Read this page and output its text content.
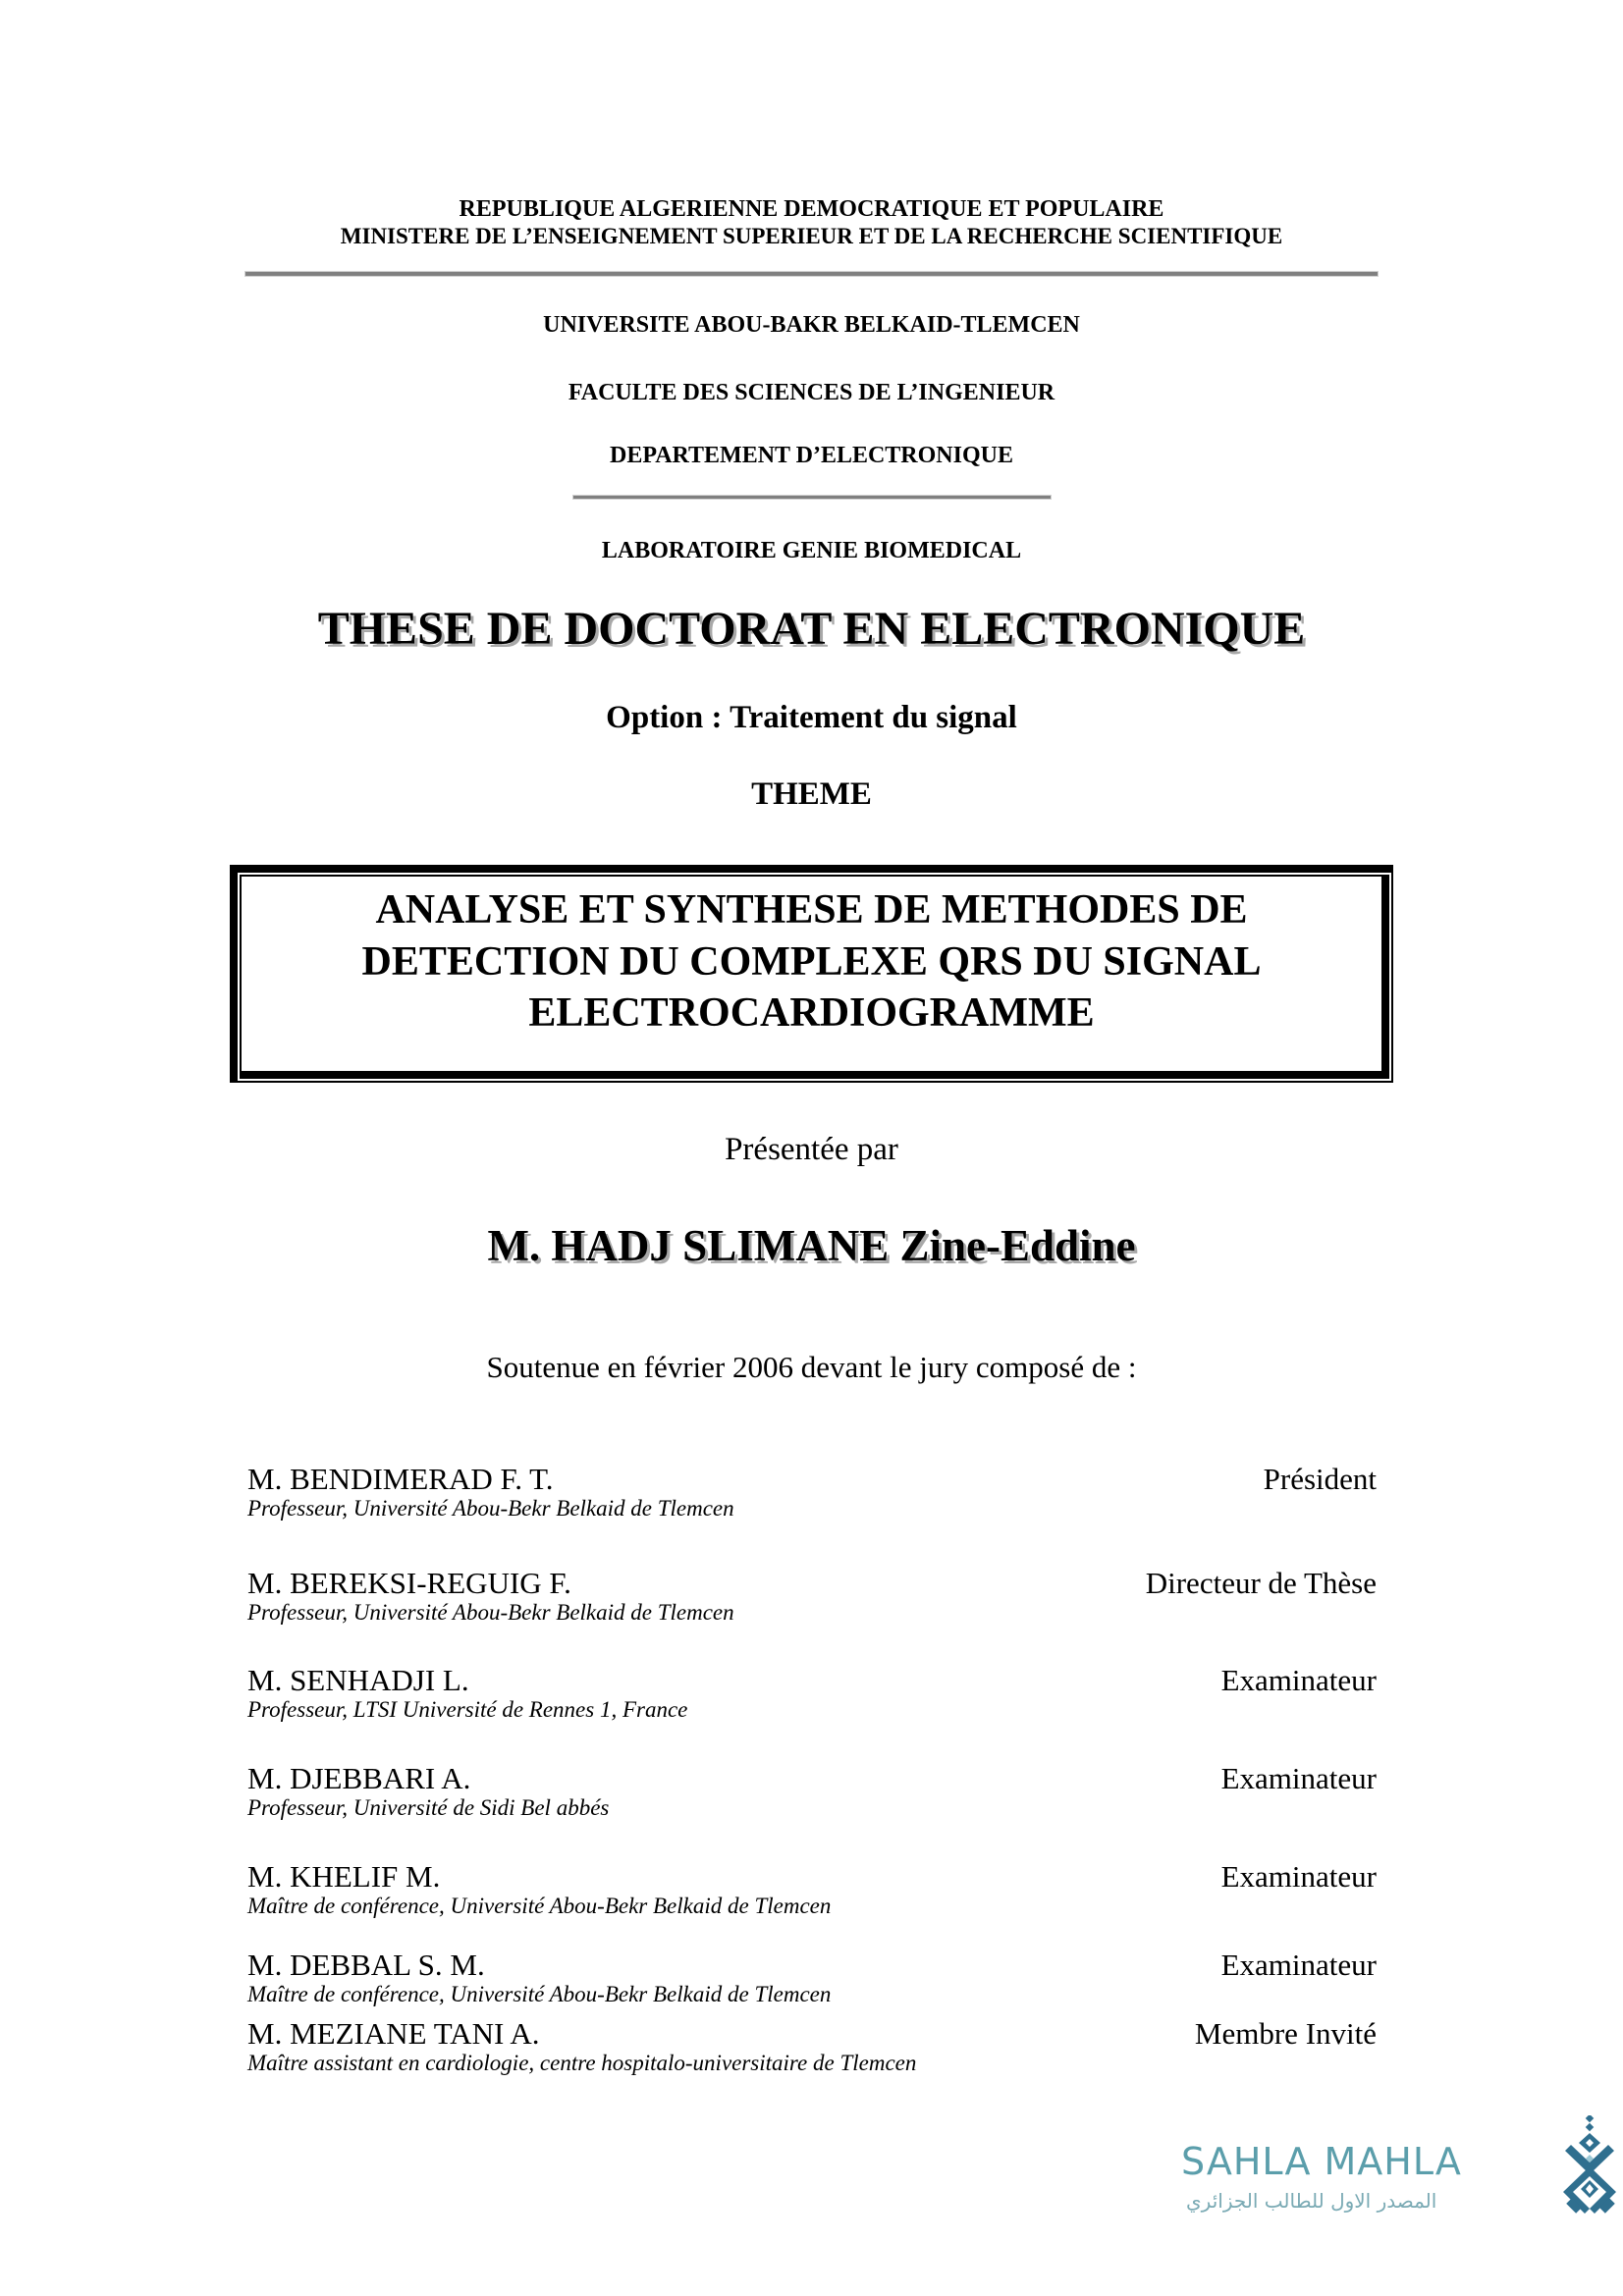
REPUBLIQUE ALGERIENNE DEMOCRATIQUE ET POPULAIRE
MINISTERE DE L’ENSEIGNEMENT SUPERIEUR ET DE LA RECHERCHE SCIENTIFIQUE
UNIVERSITE ABOU-BAKR BELKAID-TLEMCEN
FACULTE DES SCIENCES DE L’INGENIEUR
DEPARTEMENT D’ELECTRONIQUE
LABORATOIRE GENIE BIOMEDICAL
THESE DE DOCTORAT EN ELECTRONIQUE
Option : Traitement du signal
THEME
ANALYSE ET SYNTHESE DE METHODES DE
DETECTION DU COMPLEXE QRS DU SIGNAL
ELECTROCARDIOGRAMME
Présentée par
M. HADJ SLIMANE Zine-Eddine
Soutenue en février 2006 devant le jury composé de :
M. BENDIMERAD F. T.	Président
Professeur, Université Abou-Bekr Belkaid de Tlemcen
M. BEREKSI-REGUIG F.	Directeur de Thèse
Professeur, Université Abou-Bekr Belkaid de Tlemcen
M. SENHADJI L.	Examinateur
Professeur, LTSI Université de Rennes 1, France
M. DJEBBARI A.	Examinateur
Professeur, Université de Sidi Bel abbés
M. KHELIF M.	Examinateur
Maître de conférence, Université Abou-Bekr Belkaid de Tlemcen
M. DEBBAL S. M.	Examinateur
Maître de conférence, Université Abou-Bekr Belkaid de Tlemcen
M. MEZIANE TANI A.	Membre Invité
Maître assistant en cardiologie, centre hospitalo-universitaire de Tlemcen
SAHLA MAHLA
المصدر الاول للطالب الجزائري
